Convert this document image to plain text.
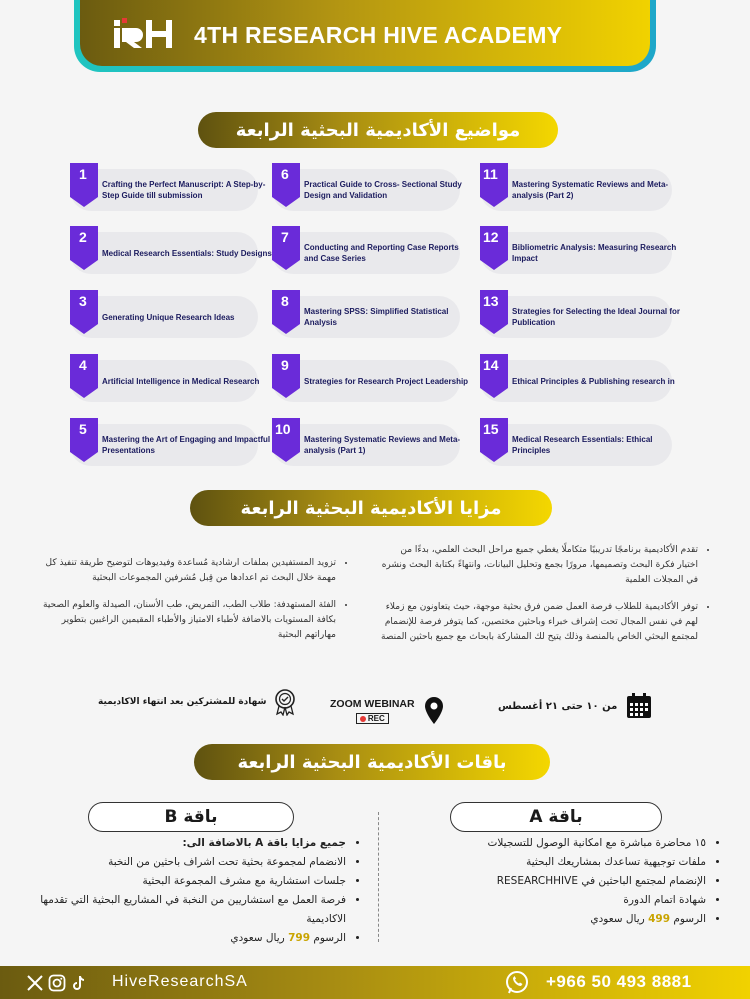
4TH RESEARCH HIVE ACADEMY
مواضيع الأكاديمية البحثية الرابعة
1
Crafting the Perfect Manuscript: A Step-by-Step Guide till submission
2
Medical Research Essentials: Study Designs
3
Generating Unique Research Ideas
4
Artificial Intelligence in Medical Research
5
Mastering the Art of Engaging and Impactful Presentations
6
Practical Guide to Cross- Sectional Study Design and Validation
7
Conducting and Reporting Case Reports and Case Series
8
Mastering SPSS: Simplified Statistical Analysis
9
Strategies for Research Project Leadership
10
Mastering Systematic Reviews and Meta-analysis (Part 1)
11
Mastering Systematic Reviews and Meta-analysis (Part 2)
12
Bibliometric Analysis: Measuring Research Impact
13
Strategies for Selecting the Ideal Journal for Publication
14
Ethical Principles & Publishing research in
15
Medical Research Essentials: Ethical Principles
مزايا الأكاديمية البحثية الرابعة
• تقدم الأكاديمية برنامجًا تدريبيًا متكاملًا يغطي جميع مراحل البحث العلمي، بدءًا من اختيار فكرة البحث وتصميمها، مرورًا بجمع وتحليل البيانات، وانتهاءً بكتابة البحث ونشره في المجلات العلمية
• توفر الأكاديمية للطلاب فرصة العمل ضمن فرق بحثية موجهة، حيث يتعاونون مع زملاء لهم في نفس المجال تحت إشراف خبراء وباحثين مختصين، كما يتوفر فرصة للإنضمام لمجتمع البحثي الخاص بالمنصة وذلك يتيح لك المشاركة بابحاث مع جميع باحثين المنصة
• تزويد المستفيدين بملفات ارشادية مُساعدة وفيديوهات لتوضيح طريقة تنفيذ كل مهمة خلال البحث تم اعدادها من قِبل مُشرفين المجموعات البحثية
• الفئة المستهدفة: طلاب الطب، التمريض، طب الأسنان، الصيدلة والعلوم الصحية بكافة المستويات بالاضافة لأطباء الامتياز والأطباء المقيمين الراغبين بتطوير مهاراتهم البحثية
شهادة للمشتركين بعد انتهاء الاكاديمية	ZOOM WEBINAR
REC
من ١٠ حتى ٢١ أغسطس
باقات الأكاديمية البحثية الرابعة
باقة A
باقة B
• ١٥ محاضرة مباشرة مع امكانية الوصول للتسجيلات
• ملفات توجيهية تساعدك بمشاريعك البحثية
• الإنضمام لمجتمع الباحثين في RESEARCHHIVE
• شهادة اتمام الدورة
• الرسوم 499 ريال سعودي
• جميع مزايا باقة A بالاضافة الى:
• الانضمام لمجموعة بحثية تحت اشراف باحثين من النخبة
• جلسات استشارية مع مشرف المجموعة البحثية
• فرصة العمل مع استشاريين من النخبة في المشاريع البحثية التي تقدمها الاكاديمية
• الرسوم 799 ريال سعودي
HiveResearchSA	+966 50 493 8881
